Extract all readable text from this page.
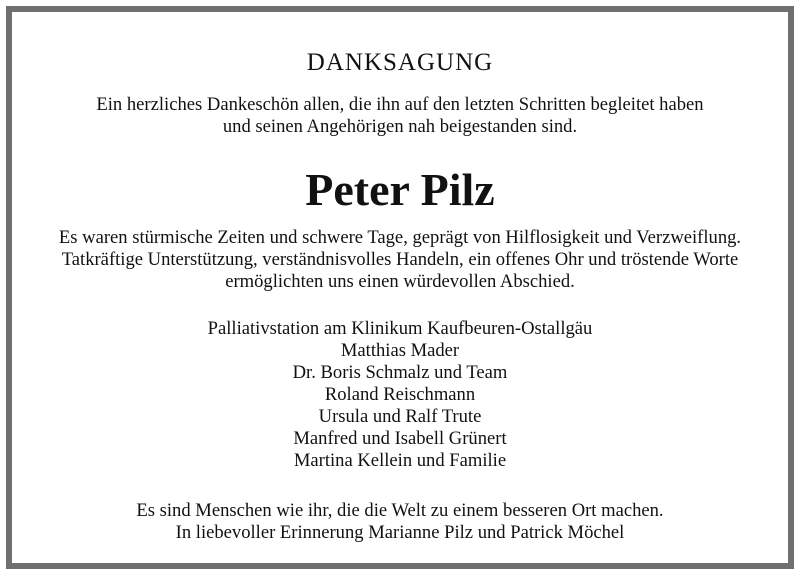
DANKSAGUNG
Ein herzliches Dankeschön allen, die ihn auf den letzten Schritten begleitet haben
und seinen Angehörigen nah beigestanden sind.
Peter Pilz
Es waren stürmische Zeiten und schwere Tage, geprägt von Hilflosigkeit und Verzweiflung.
Tatkräftige Unterstützung, verständnisvolles Handeln, ein offenes Ohr und tröstende Worte
ermöglichten uns einen würdevollen Abschied.
Palliativstation am Klinikum Kaufbeuren-Ostallgäu
Matthias Mader
Dr. Boris Schmalz und Team
Roland Reischmann
Ursula und Ralf Trute
Manfred und Isabell Grünert
Martina Kellein und Familie
Es sind Menschen wie ihr, die die Welt zu einem besseren Ort machen.
In liebevoller Erinnerung Marianne Pilz und Patrick Möchel
